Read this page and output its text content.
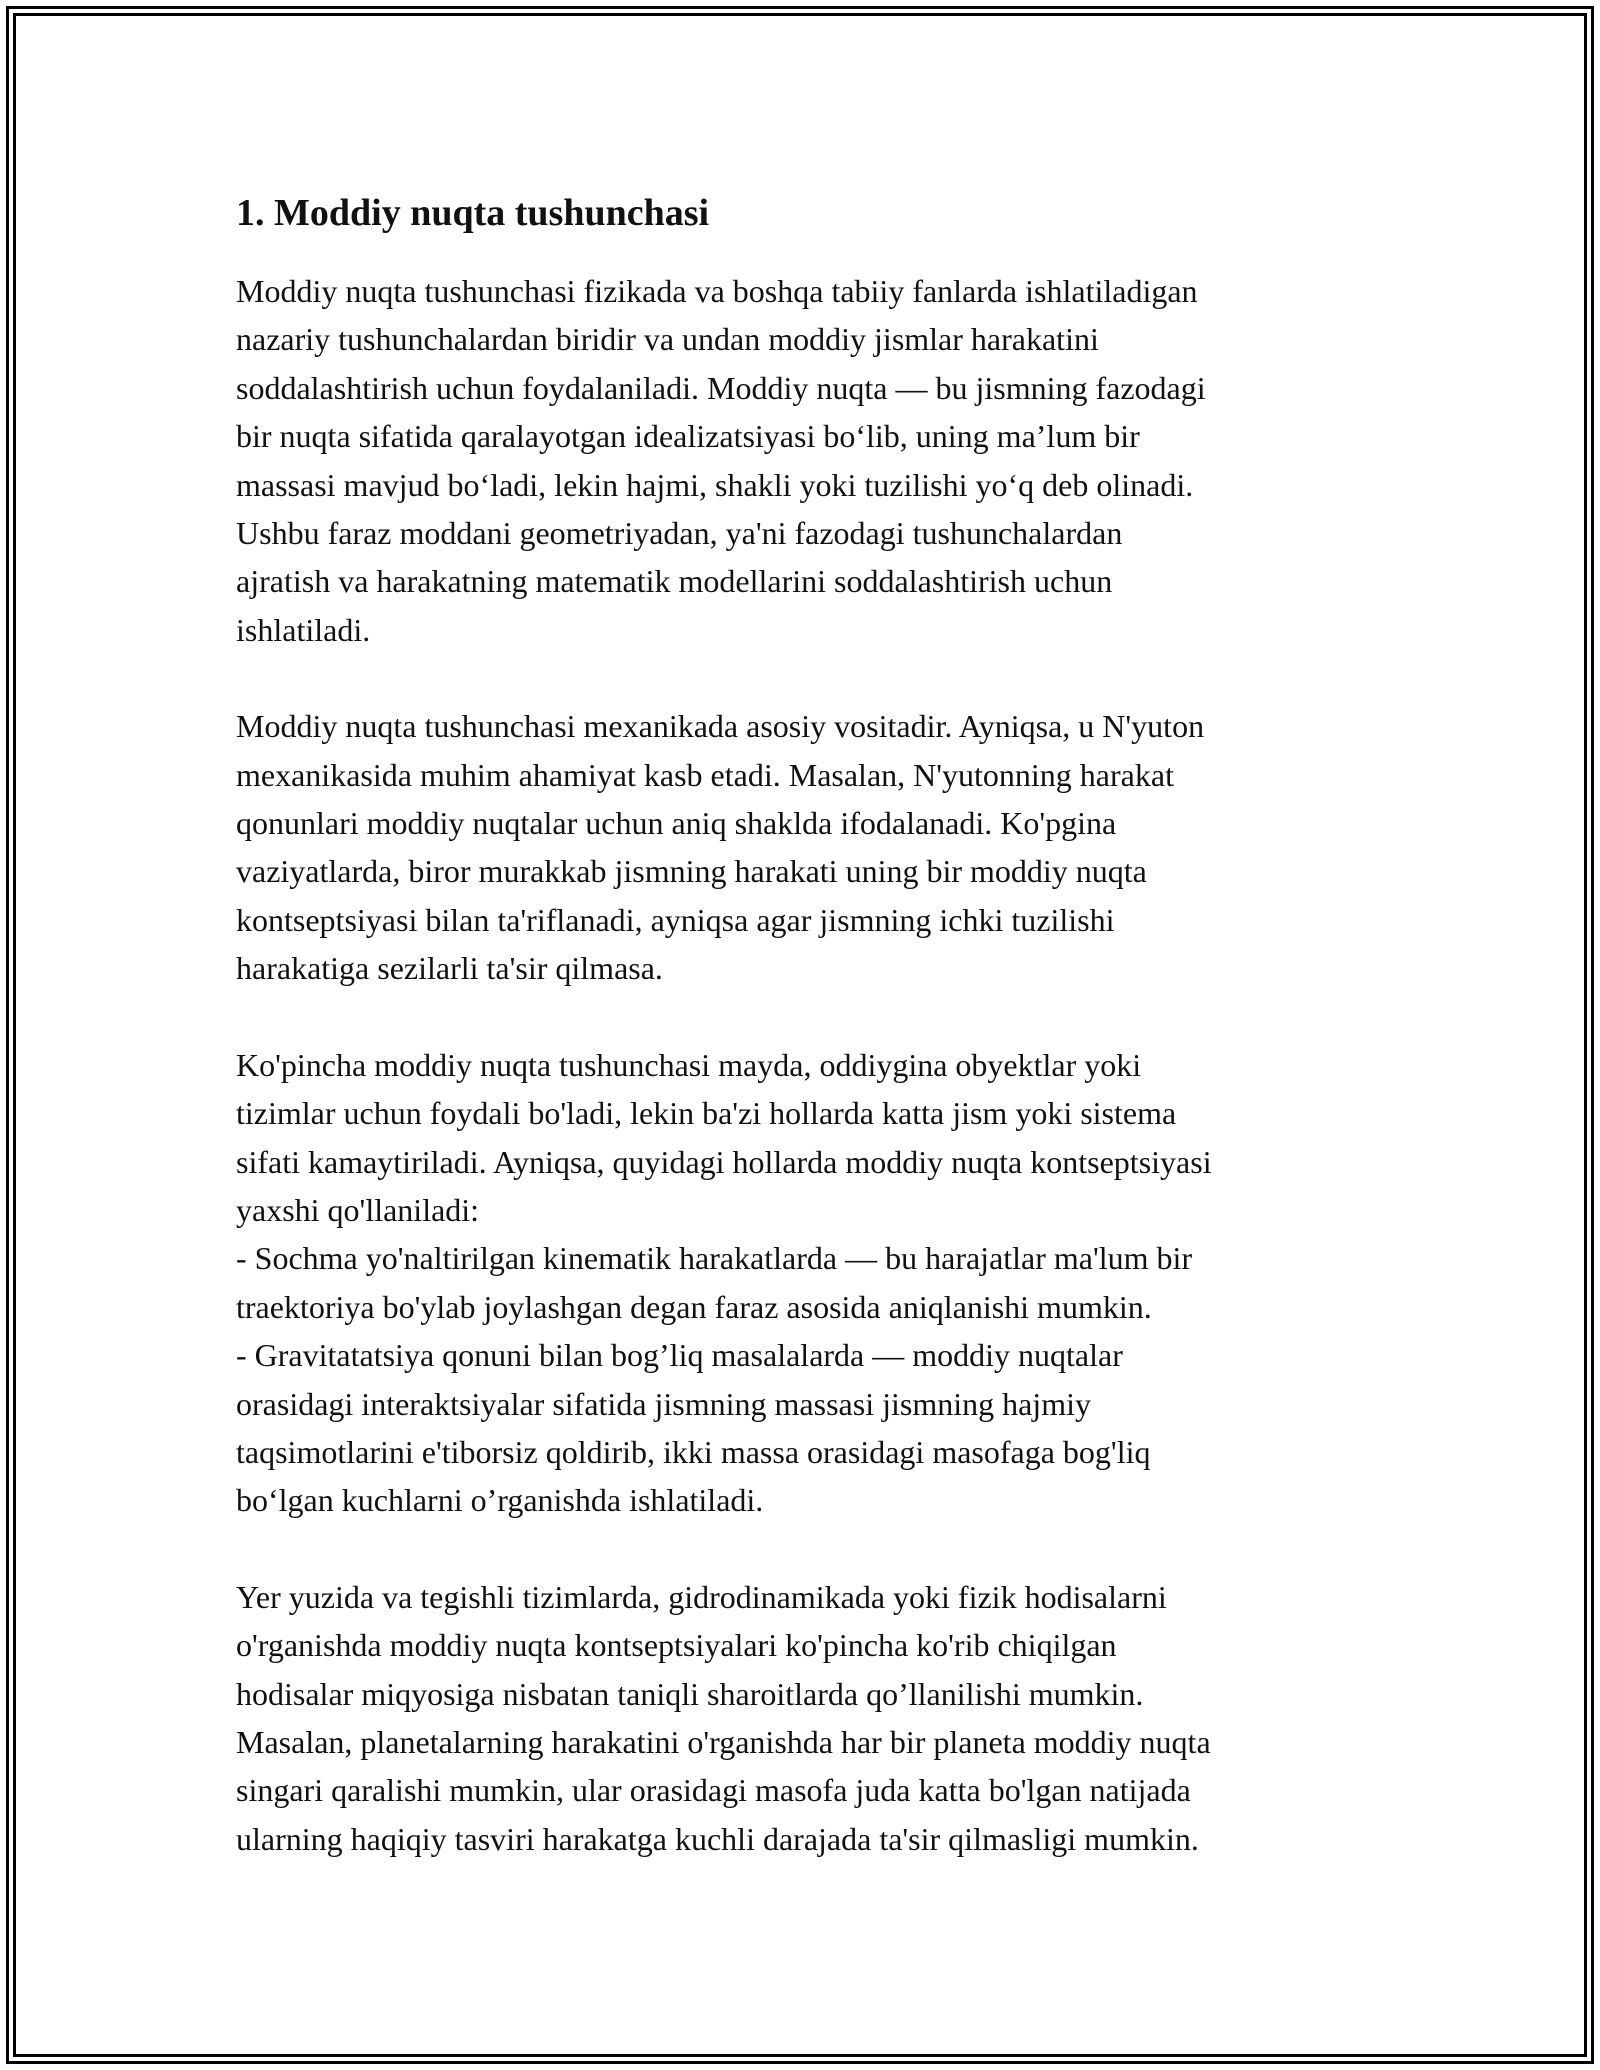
1. Moddiy nuqta tushunchasi

Moddiy nuqta tushunchasi fizikada va boshqa tabiiy fanlarda ishlatiladigan
nazariy tushunchalardan biridir va undan moddiy jismlar harakatini
soddalashtirish uchun foydalaniladi. Moddiy nuqta — bu jismning fazodagi
bir nuqta sifatida qaralayotgan idealizatsiyasi bo‘lib, uning ma’lum bir
massasi mavjud bo‘ladi, lekin hajmi, shakli yoki tuzilishi yo‘q deb olinadi.
Ushbu faraz moddani geometriyadan, ya'ni fazodagi tushunchalardan
ajratish va harakatning matematik modellarini soddalashtirish uchun
ishlatiladi.

Moddiy nuqta tushunchasi mexanikada asosiy vositadir. Ayniqsa, u N'yuton
mexanikasida muhim ahamiyat kasb etadi. Masalan, N'yutonning harakat
qonunlari moddiy nuqtalar uchun aniq shaklda ifodalanadi. Ko'pgina
vaziyatlarda, biror murakkab jismning harakati uning bir moddiy nuqta
kontseptsiyasi bilan ta'riflanadi, ayniqsa agar jismning ichki tuzilishi
harakatiga sezilarli ta'sir qilmasa.

Ko'pincha moddiy nuqta tushunchasi mayda, oddiygina obyektlar yoki
tizimlar uchun foydali bo'ladi, lekin ba'zi hollarda katta jism yoki sistema
sifati kamaytiriladi. Ayniqsa, quyidagi hollarda moddiy nuqta kontseptsiyasi
yaxshi qo'llaniladi:
- Sochma yo'naltirilgan kinematik harakatlarda — bu harajatlar ma'lum bir
traektoriya bo'ylab joylashgan degan faraz asosida aniqlanishi mumkin.
- Gravitatatsiya qonuni bilan bog’liq masalalarda — moddiy nuqtalar
orasidagi interaktsiyalar sifatida jismning massasi jismning hajmiy
taqsimotlarini e'tiborsiz qoldirib, ikki massa orasidagi masofaga bog'liq
bo‘lgan kuchlarni o’rganishda ishlatiladi.

Yer yuzida va tegishli tizimlarda, gidrodinamikada yoki fizik hodisalarni
o'rganishda moddiy nuqta kontseptsiyalari ko'pincha ko'rib chiqilgan
hodisalar miqyosiga nisbatan taniqli sharoitlarda qo’llanilishi mumkin.
Masalan, planetalarning harakatini o'rganishda har bir planeta moddiy nuqta
singari qaralishi mumkin, ular orasidagi masofa juda katta bo'lgan natijada
ularning haqiqiy tasviri harakatga kuchli darajada ta'sir qilmasligi mumkin.
